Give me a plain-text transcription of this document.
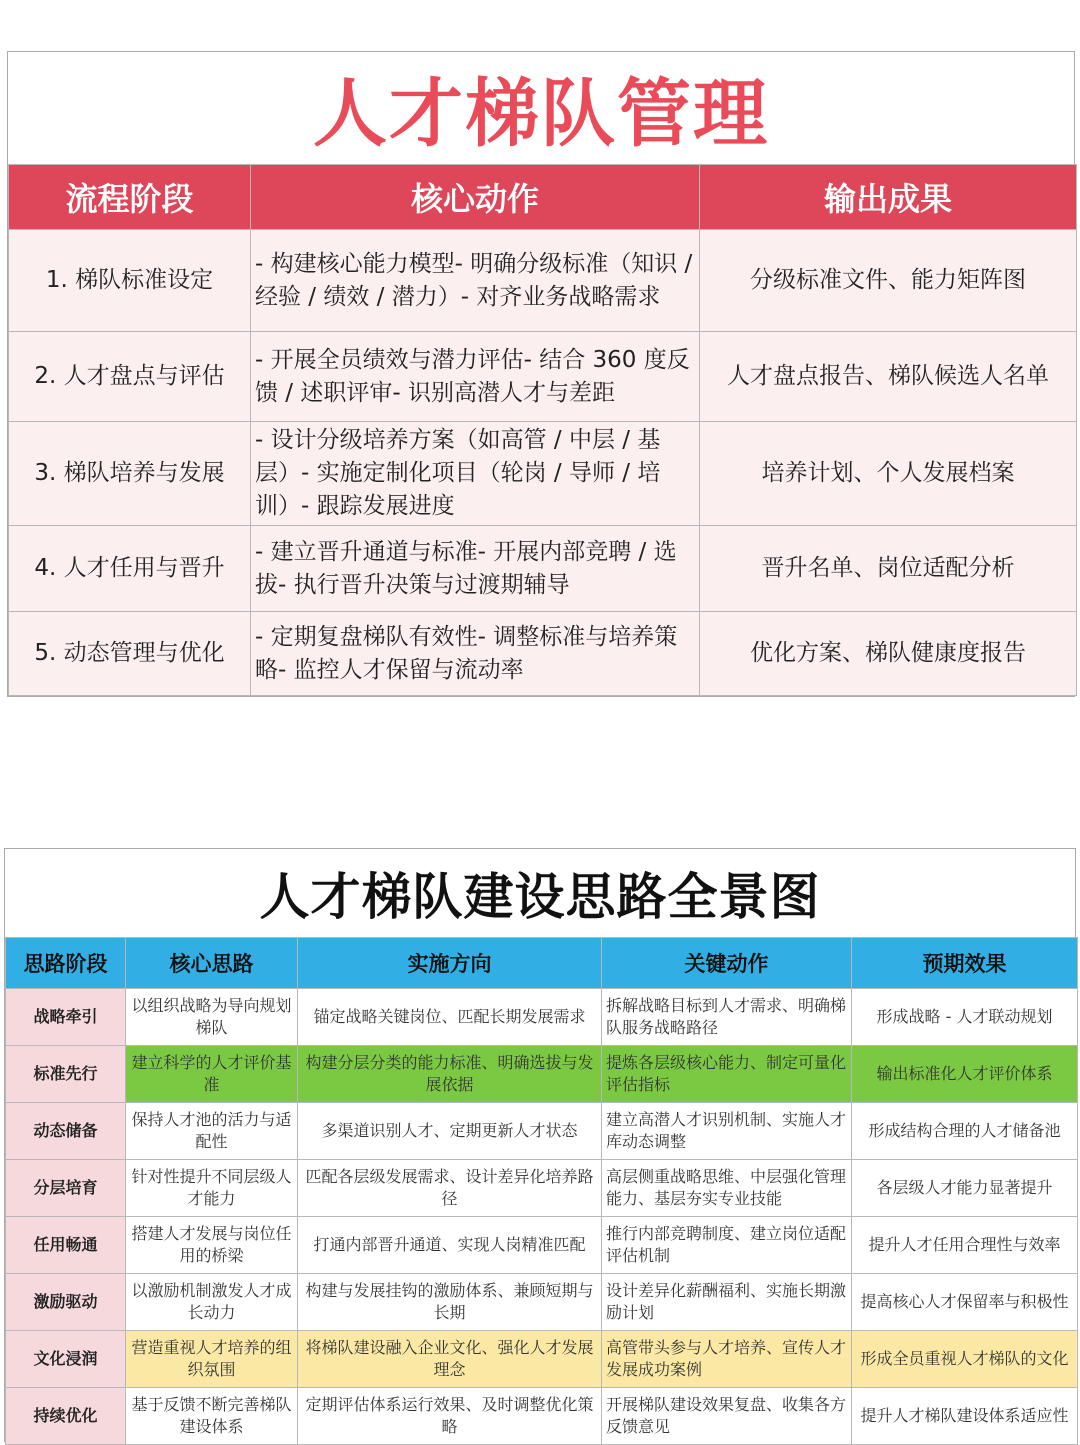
人才梯队管理
流程阶段	核心动作	输出成果
1. 梯队标准设定	- 构建核心能力模型- 明确分级标准（知识 / 经验 / 绩效 / 潜力）- 对齐业务战略需求	分级标准文件、能力矩阵图
2. 人才盘点与评估	- 开展全员绩效与潜力评估- 结合 360 度反馈 / 述职评审- 识别高潜人才与差距	人才盘点报告、梯队候选人名单
3. 梯队培养与发展	- 设计分级培养方案（如高管 / 中层 / 基层）- 实施定制化项目（轮岗 / 导师 / 培训）- 跟踪发展进度	培养计划、个人发展档案
4. 人才任用与晋升	- 建立晋升通道与标准- 开展内部竞聘 / 选拔- 执行晋升决策与过渡期辅导	晋升名单、岗位适配分析
5. 动态管理与优化	- 定期复盘梯队有效性- 调整标准与培养策略- 监控人才保留与流动率	优化方案、梯队健康度报告
人才梯队建设思路全景图
思路阶段	核心思路	实施方向	关键动作	预期效果
战略牵引	以组织战略为导向规划梯队	锚定战略关键岗位、匹配长期发展需求	拆解战略目标到人才需求、明确梯队服务战略路径	形成战略 - 人才联动规划
标准先行	建立科学的人才评价基准	构建分层分类的能力标准、明确选拔与发展依据	提炼各层级核心能力、制定可量化评估指标	输出标准化人才评价体系
动态储备	保持人才池的活力与适配性	多渠道识别人才、定期更新人才状态	建立高潜人才识别机制、实施人才库动态调整	形成结构合理的人才储备池
分层培育	针对性提升不同层级人才能力	匹配各层级发展需求、设计差异化培养路径	高层侧重战略思维、中层强化管理能力、基层夯实专业技能	各层级人才能力显著提升
任用畅通	搭建人才发展与岗位任用的桥梁	打通内部晋升通道、实现人岗精准匹配	推行内部竞聘制度、建立岗位适配评估机制	提升人才任用合理性与效率
激励驱动	以激励机制激发人才成长动力	构建与发展挂钩的激励体系、兼顾短期与长期	设计差异化薪酬福利、实施长期激励计划	提高核心人才保留率与积极性
文化浸润	营造重视人才培养的组织氛围	将梯队建设融入企业文化、强化人才发展理念	高管带头参与人才培养、宣传人才发展成功案例	形成全员重视人才梯队的文化
持续优化	基于反馈不断完善梯队建设体系	定期评估体系运行效果、及时调整优化策略	开展梯队建设效果复盘、收集各方反馈意见	提升人才梯队建设体系适应性
